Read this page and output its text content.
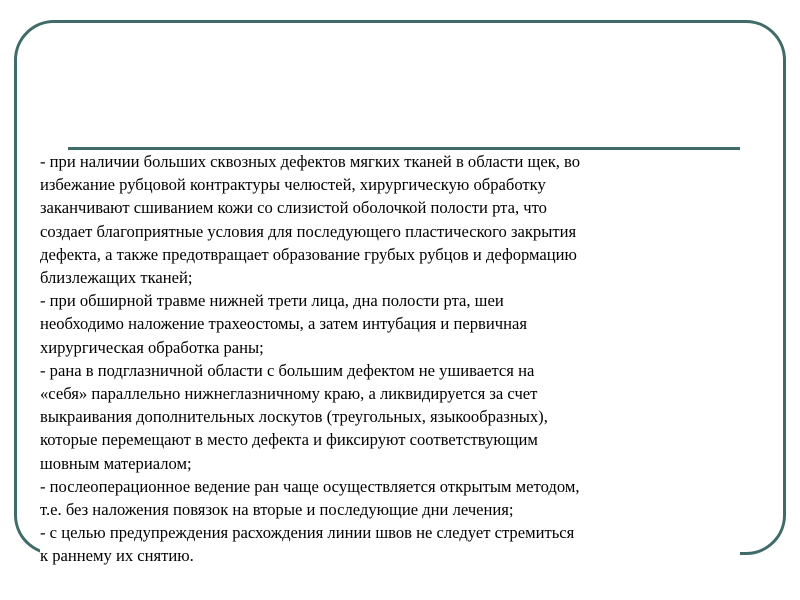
- при наличии больших сквозных дефектов мягких тканей в области щек, во
избежание рубцовой контрактуры челюстей, хирургическую обработку
заканчивают сшиванием кожи со слизистой оболочкой полости рта, что
создает благоприятные условия для последующего пластического закрытия
дефекта, а также предотвращает образование грубых рубцов и деформацию
близлежащих тканей;
- при обширной травме нижней трети лица, дна полости рта, шеи
необходимо наложение трахеостомы, а затем интубация и первичная
хирургическая обработка раны;
- рана в подглазничной области с большим дефектом не ушивается на
«себя» параллельно нижнеглазничному краю, а ликвидируется за счет
выкраивания дополнительных лоскутов (треугольных, языкообразных),
которые перемещают в место дефекта и фиксируют соответствующим
шовным материалом;
- послеоперационное ведение ран чаще осуществляется открытым методом,
т.е. без наложения повязок на вторые и последующие дни лечения;
- с целью предупреждения расхождения линии швов не следует стремиться
к раннему их снятию.
